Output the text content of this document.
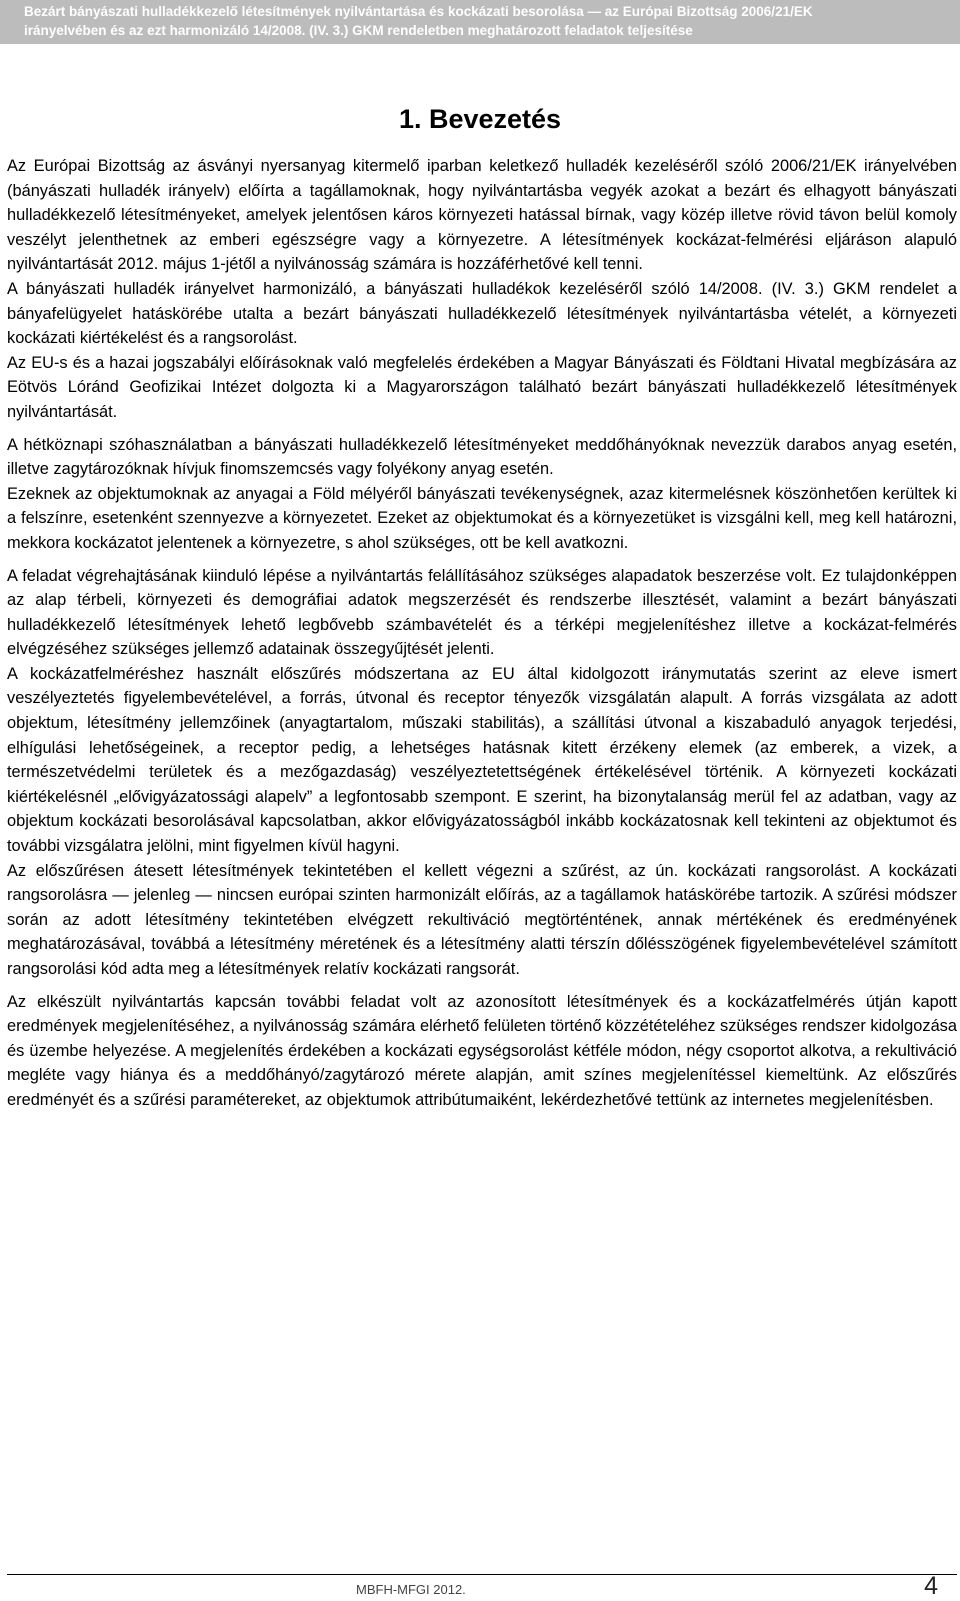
Bezárt bányászati hulladékkezelő létesítmények nyilvántartása és kockázati besorolása — az Európai Bizottság 2006/21/EK
irányelvében és az ezt harmonizáló 14/2008. (IV. 3.) GKM rendeletben meghatározott feladatok teljesítése
1. Bevezetés

Az Európai Bizottság az ásványi nyersanyag kitermelő iparban keletkező hulladék kezeléséről szóló 2006/21/EK irányelvében (bányászati hulladék irányelv) előírta a tagállamoknak, hogy nyilvántartásba vegyék azokat a bezárt és elhagyott bányászati hulladékkezelő létesítményeket, amelyek jelentősen káros környezeti hatással bírnak, vagy közép illetve rövid távon belül komoly veszélyt jelenthetnek az emberi egészségre vagy a környezetre. A létesítmények kockázat-felmérési eljáráson alapuló nyilvántartását 2012. május 1-jétől a nyilvánosság számára is hozzáférhetővé kell tenni.

A bányászati hulladék irányelvet harmonizáló, a bányászati hulladékok kezeléséről szóló 14/2008. (IV. 3.) GKM rendelet a bányafelügyelet hatáskörébe utalta a bezárt bányászati hulladékkezelő létesítmények nyilvántartásba vételét, a környezeti kockázati kiértékelést és a rangsorolást.

Az EU-s és a hazai jogszabályi előírásoknak való megfelelés érdekében a Magyar Bányászati és Földtani Hivatal megbízására az Eötvös Lóránd Geofizikai Intézet dolgozta ki a Magyarországon található bezárt bányászati hulladékkezelő létesítmények nyilvántartását.

A hétköznapi szóhasználatban a bányászati hulladékkezelő létesítményeket meddőhányóknak nevezzük darabos anyag esetén, illetve zagytározóknak hívjuk finomszemcsés vagy folyékony anyag esetén.

Ezeknek az objektumoknak az anyagai a Föld mélyéről bányászati tevékenységnek, azaz kitermelésnek köszönhetően kerültek ki a felszínre, esetenként szennyezve a környezetet. Ezeket az objektumokat és a környezetüket is vizsgálni kell, meg kell határozni, mekkora kockázatot jelentenek a környezetre, s ahol szükséges, ott be kell avatkozni.

A feladat végrehajtásának kiinduló lépése a nyilvántartás felállításához szükséges alapadatok beszerzése volt. Ez tulajdonképpen az alap térbeli, környezeti és demográfiai adatok megszerzését és rendszerbe illesztését, valamint a bezárt bányászati hulladékkezelő létesítmények lehető legbővebb számbavételét és a térképi megjelenítéshez illetve a kockázat-felmérés elvégzéséhez szükséges jellemző adatainak összegyűjtését jelenti.

A kockázatfelméréshez használt előszűrés módszertana az EU által kidolgozott iránymutatás szerint az eleve ismert veszélyeztetés figyelembevételével, a forrás, útvonal és receptor tényezők vizsgálatán alapult. A forrás vizsgálata az adott objektum, létesítmény jellemzőinek (anyagtartalom, műszaki stabilitás), a szállítási útvonal a kiszabaduló anyagok terjedési, elhígulási lehetőségeinek, a receptor pedig, a lehetséges hatásnak kitett érzékeny elemek (az emberek, a vizek, a természetvédelmi területek és a mezőgazdaság) veszélyeztetettségének értékelésével történik. A környezeti kockázati kiértékelésnél „elővigyázatossági alapelv” a legfontosabb szempont. E szerint, ha bizonytalanság merül fel az adatban, vagy az objektum kockázati besorolásával kapcsolatban, akkor elővigyázatosságból inkább kockázatosnak kell tekinteni az objektumot és további vizsgálatra jelölni, mint figyelmen kívül hagyni.

Az előszűrésen átesett létesítmények tekintetében el kellett végezni a szűrést, az ún. kockázati rangsorolást. A kockázati rangsorolásra — jelenleg — nincsen európai szinten harmonizált előírás, az a tagállamok hatáskörébe tartozik. A szűrési módszer során az adott létesítmény tekintetében elvégzett rekultiváció megtörténtének, annak mértékének és eredményének meghatározásával, továbbá a létesítmény méretének és a létesítmény alatti térszín dőlésszögének figyelembevételével számított rangsorolási kód adta meg a létesítmények relatív kockázati rangsorát.

Az elkészült nyilvántartás kapcsán további feladat volt az azonosított létesítmények és a kockázatfelmérés útján kapott eredmények megjelenítéséhez, a nyilvánosság számára elérhető felületen történő közzétételéhez szükséges rendszer kidolgozása és üzembe helyezése. A megjelenítés érdekében a kockázati egységsorolást kétféle módon, négy csoportot alkotva, a rekultiváció megléte vagy hiánya és a meddőhányó/zagytározó mérete alapján, amit színes megjelenítéssel kiemeltünk. Az előszűrés eredményét és a szűrési paramétereket, az objektumok attribútumaiként, lekérdezhetővé tettünk az internetes megjelenítésben.

MBFH-MFGI 2012.	4
